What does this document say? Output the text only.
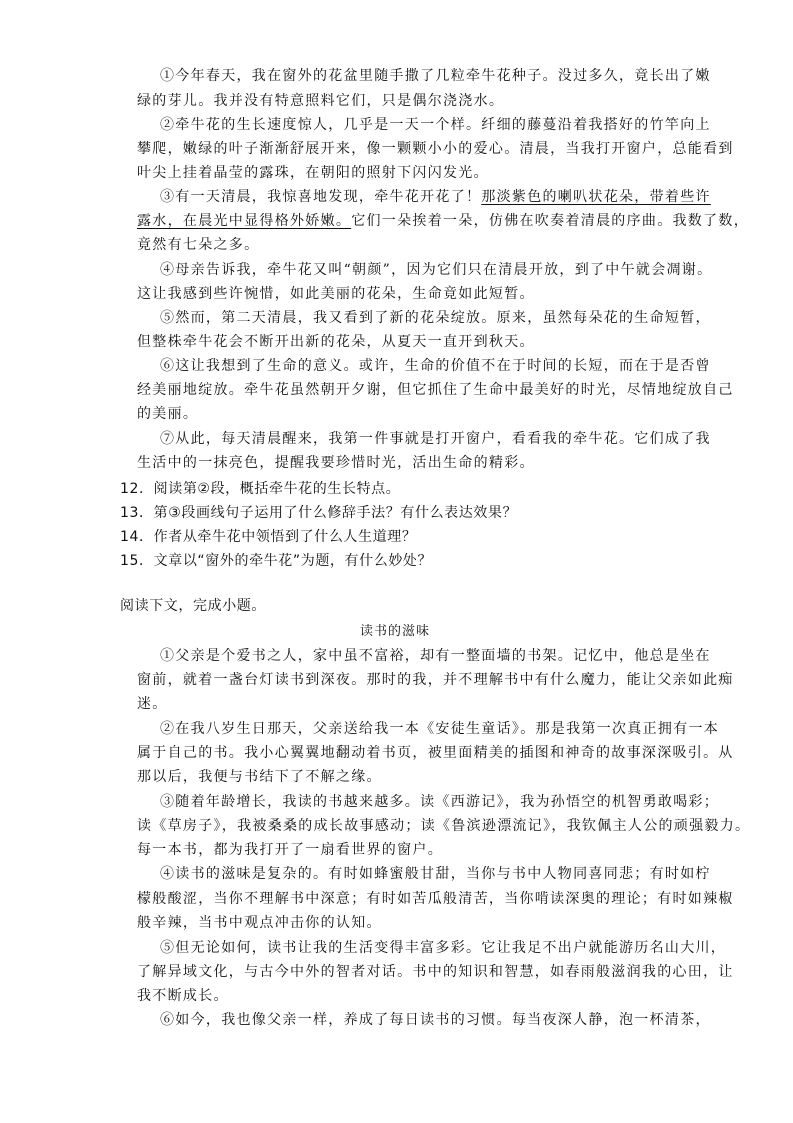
①今年春天，我在窗外的花盆里随手撒了几粒牵牛花种子。没过多久，竟长出了嫩
绿的芽儿。我并没有特意照料它们，只是偶尔浇浇水。
②牵牛花的生长速度惊人，几乎是一天一个样。纤细的藤蔓沿着我搭好的竹竿向上
攀爬，嫩绿的叶子渐渐舒展开来，像一颗颗小小的爱心。清晨，当我打开窗户，总能看到
叶尖上挂着晶莹的露珠，在朝阳的照射下闪闪发光。
③有一天清晨，我惊喜地发现，牵牛花开花了！那淡紫色的喇叭状花朵，带着些许
露水，在晨光中显得格外娇嫩。它们一朵挨着一朵，仿佛在吹奏着清晨的序曲。我数了数，
竟然有七朵之多。
④母亲告诉我，牵牛花又叫“朝颜”，因为它们只在清晨开放，到了中午就会凋谢。
这让我感到些许惋惜，如此美丽的花朵，生命竟如此短暂。
⑤然而，第二天清晨，我又看到了新的花朵绽放。原来，虽然每朵花的生命短暂，
但整株牵牛花会不断开出新的花朵，从夏天一直开到秋天。
⑥这让我想到了生命的意义。或许，生命的价值不在于时间的长短，而在于是否曾
经美丽地绽放。牵牛花虽然朝开夕谢，但它抓住了生命中最美好的时光，尽情地绽放自己
的美丽。
⑦从此，每天清晨醒来，我第一件事就是打开窗户，看看我的牵牛花。它们成了我
生活中的一抹亮色，提醒我要珍惜时光，活出生命的精彩。
12．阅读第②段，概括牵牛花的生长特点。
13．第③段画线句子运用了什么修辞手法？有什么表达效果？
14．作者从牵牛花中领悟到了什么人生道理？
15．文章以“窗外的牵牛花”为题，有什么妙处？
阅读下文，完成小题。
读书的滋味
①父亲是个爱书之人，家中虽不富裕，却有一整面墙的书架。记忆中，他总是坐在
窗前，就着一盏台灯读书到深夜。那时的我，并不理解书中有什么魔力，能让父亲如此痴
迷。
②在我八岁生日那天，父亲送给我一本《安徒生童话》。那是我第一次真正拥有一本
属于自己的书。我小心翼翼地翻动着书页，被里面精美的插图和神奇的故事深深吸引。从
那以后，我便与书结下了不解之缘。
③随着年龄增长，我读的书越来越多。读《西游记》，我为孙悟空的机智勇敢喝彩；
读《草房子》，我被桑桑的成长故事感动；读《鲁滨逊漂流记》，我钦佩主人公的顽强毅力。
每一本书，都为我打开了一扇看世界的窗户。
④读书的滋味是复杂的。有时如蜂蜜般甘甜，当你与书中人物同喜同悲；有时如柠
檬般酸涩，当你不理解书中深意；有时如苦瓜般清苦，当你啃读深奥的理论；有时如辣椒
般辛辣，当书中观点冲击你的认知。
⑤但无论如何，读书让我的生活变得丰富多彩。它让我足不出户就能游历名山大川，
了解异域文化，与古今中外的智者对话。书中的知识和智慧，如春雨般滋润我的心田，让
我不断成长。
⑥如今，我也像父亲一样，养成了每日读书的习惯。每当夜深人静，泡一杯清茶，
